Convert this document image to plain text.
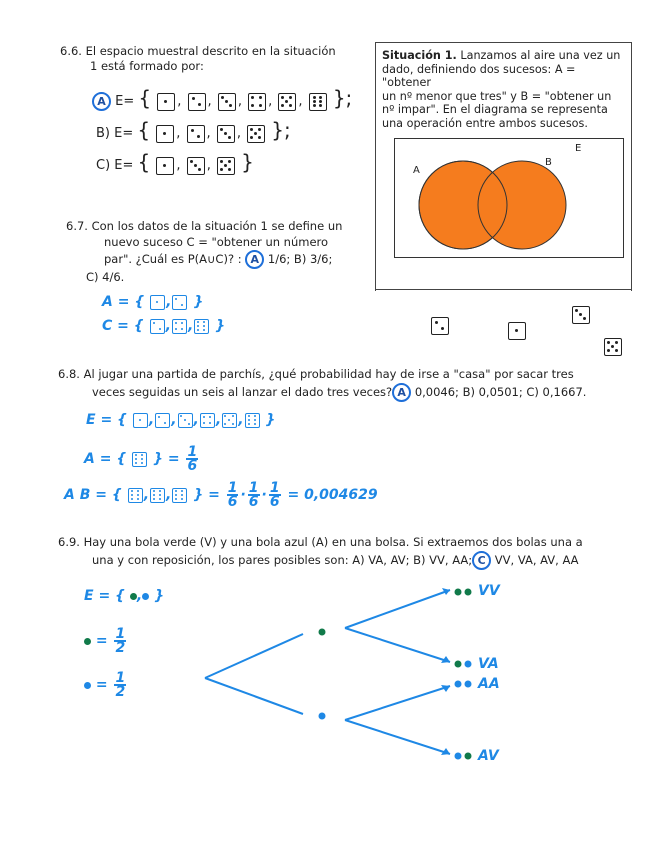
6.6. El espacio muestral descrito en la situación
1 está formado por:
A E= { , , , , , };
B) E= { , , , };
C) E= { , , }
Situación 1. Lanzamos al aire una vez un
dado, definiendo dos sucesos: A = "obtener
un nº menor que tres" y B = "obtener un
nº impar". En el diagrama se representa
una operación entre ambos sucesos.

A
B
E

6.7. Con los datos de la situación 1 se define un
nuevo suceso C = "obtener un número
par". ¿Cuál es P(A∪C)? : A 1/6; B) 3/6;
C) 4/6.
A = { , }
C = { , , }
6.8. Al jugar una partida de parchís, ¿qué probabilidad hay de irse a "casa" por sacar tres
veces seguidas un seis al lanzar el dado tres veces? A 0,0046; B) 0,0501; C) 0,1667.
E = { , , , , , }
A = { } = $\frac{1}{6}$
A B = { , , } = $\frac{1}{6} \cdot \frac{1}{6} \cdot \frac{1}{6} = 0,004629$
6.9. Hay una bola verde (V) y una bola azul (A) en una bolsa. Si extraemos dos bolas una a
una y con reposición, los pares posibles son: A) VA, AV; B) VV, AA; C VV, VA, AV, AA
E = { , }
= $\frac{1}{2}$
= $\frac{1}{2}$
VV
VA
AA
AV
